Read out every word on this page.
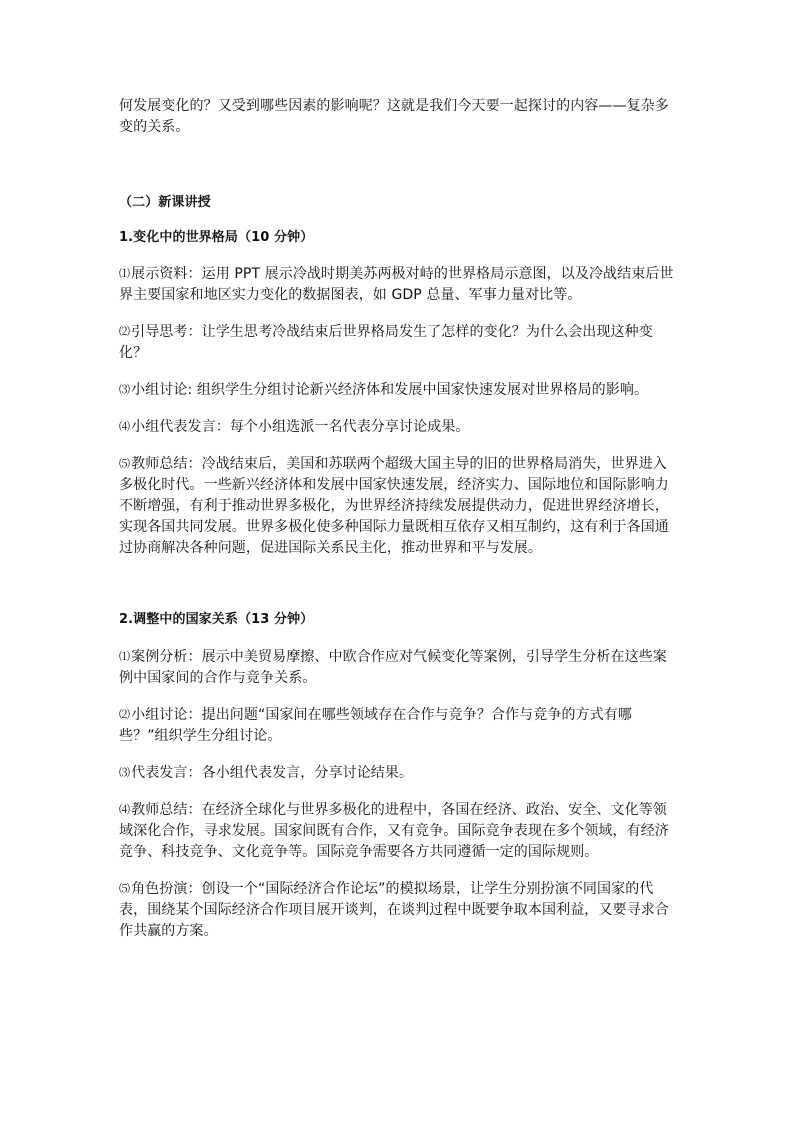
何发展变化的？又受到哪些因素的影响呢？这就是我们今天要一起探讨的内容——复杂多变的关系。

（二）新课讲授

1.变化中的世界格局（10 分钟）

⑴展示资料：运用 PPT 展示冷战时期美苏两极对峙的世界格局示意图，以及冷战结束后世界主要国家和地区实力变化的数据图表，如 GDP 总量、军事力量对比等。

⑵引导思考：让学生思考冷战结束后世界格局发生了怎样的变化？为什么会出现这种变化？

⑶小组讨论: 组织学生分组讨论新兴经济体和发展中国家快速发展对世界格局的影响。

⑷小组代表发言：每个小组选派一名代表分享讨论成果。

⑸教师总结：冷战结束后，美国和苏联两个超级大国主导的旧的世界格局消失，世界进入多极化时代。一些新兴经济体和发展中国家快速发展，经济实力、国际地位和国际影响力不断增强，有利于推动世界多极化，为世界经济持续发展提供动力，促进世界经济增长，实现各国共同发展。世界多极化使多种国际力量既相互依存又相互制约，这有利于各国通过协商解决各种问题，促进国际关系民主化，推动世界和平与发展。

2.调整中的国家关系（13 分钟）

⑴案例分析：展示中美贸易摩擦、中欧合作应对气候变化等案例，引导学生分析在这些案例中国家间的合作与竞争关系。

⑵小组讨论：提出问题“国家间在哪些领域存在合作与竞争？合作与竞争的方式有哪些？”组织学生分组讨论。

⑶代表发言：各小组代表发言，分享讨论结果。

⑷教师总结：在经济全球化与世界多极化的进程中，各国在经济、政治、安全、文化等领域深化合作，寻求发展。国家间既有合作，又有竞争。国际竞争表现在多个领域，有经济竞争、科技竞争、文化竞争等。国际竞争需要各方共同遵循一定的国际规则。

⑸角色扮演：创设一个“国际经济合作论坛”的模拟场景，让学生分别扮演不同国家的代表，围绕某个国际经济合作项目展开谈判，在谈判过程中既要争取本国利益，又要寻求合作共赢的方案。
